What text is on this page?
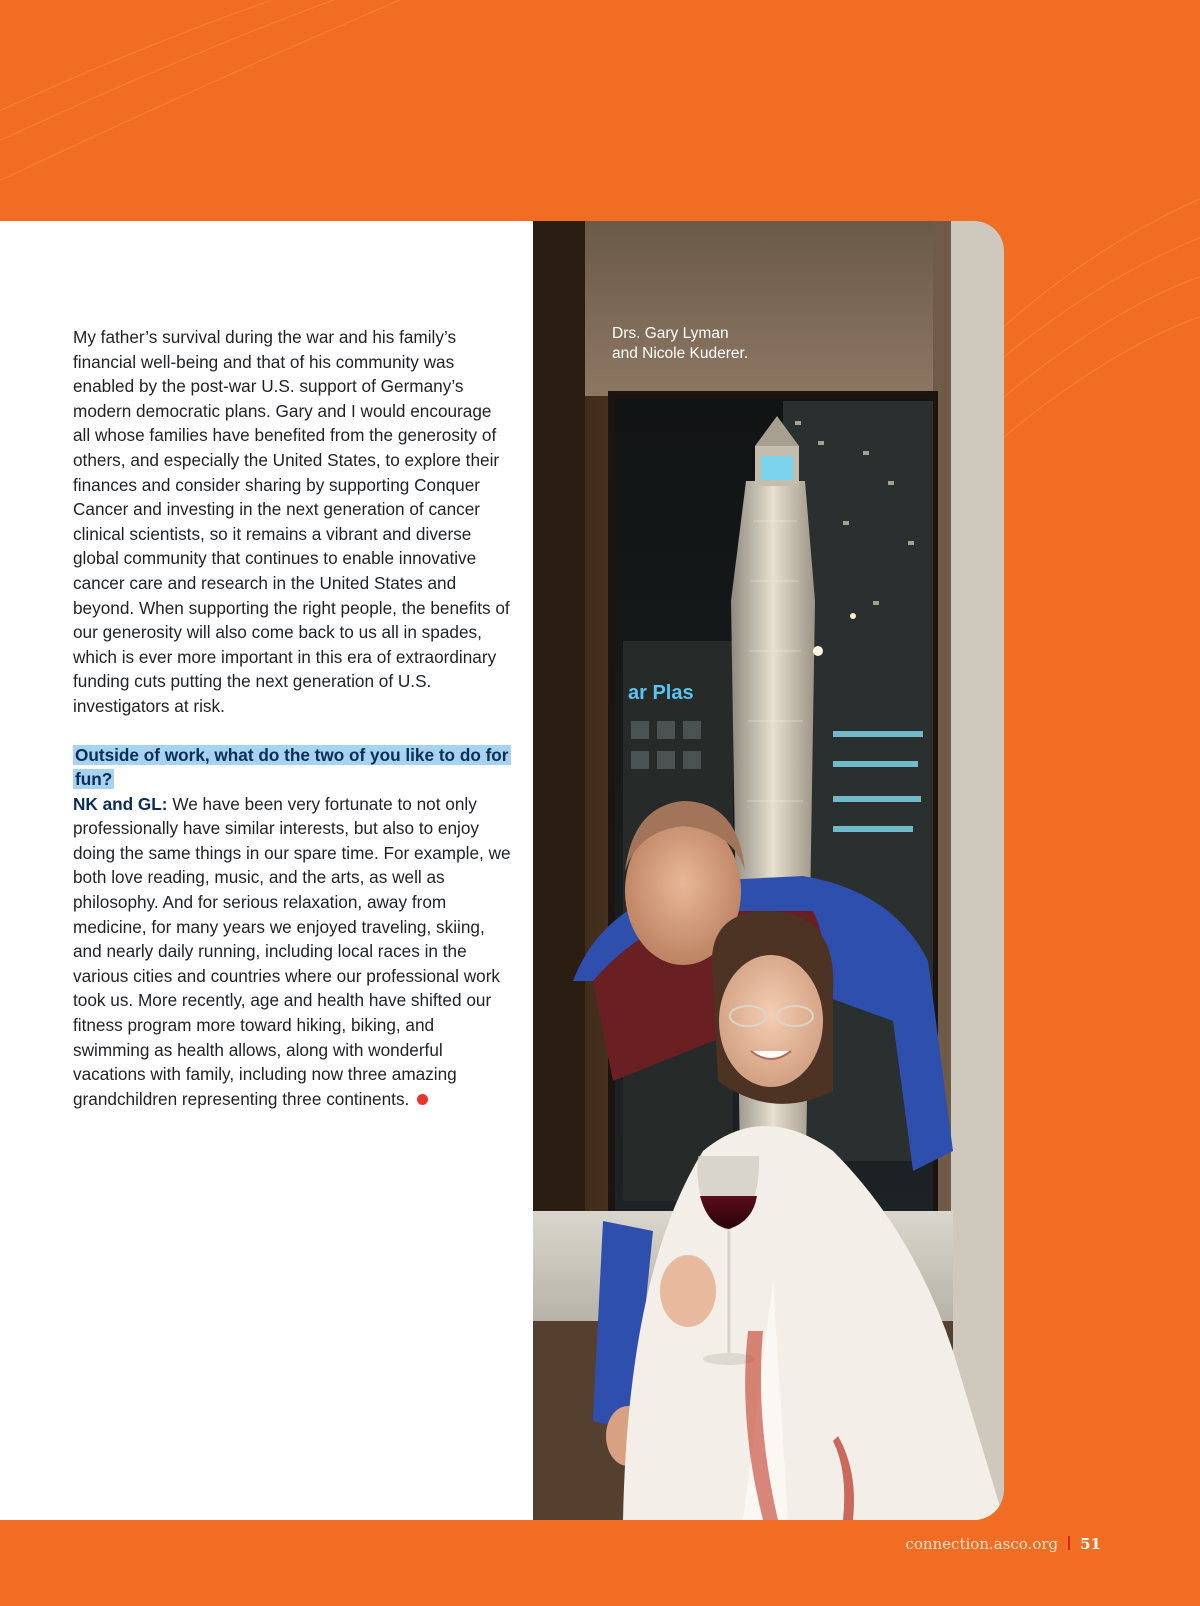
My father’s survival during the war and his family’s financial well-being and that of his community was enabled by the post-war U.S. support of Germany’s modern democratic plans. Gary and I would encourage all whose families have benefited from the generosity of others, and especially the United States, to explore their finances and consider sharing by supporting Conquer Cancer and investing in the next generation of cancer clinical scientists, so it remains a vibrant and diverse global community that continues to enable innovative cancer care and research in the United States and beyond. When supporting the right people, the benefits of our generosity will also come back to us all in spades, which is ever more important in this era of extraordinary funding cuts putting the next generation of U.S. investigators at risk.

Outside of work, what do the two of you like to do for fun?

NK and GL: We have been very fortunate to not only professionally have similar interests, but also to enjoy doing the same things in our spare time. For example, we both love reading, music, and the arts, as well as philosophy. And for serious relaxation, away from medicine, for many years we enjoyed traveling, skiing, and nearly daily running, including local races in the various cities and countries where our professional work took us. More recently, age and health have shifted our fitness program more toward hiking, biking, and swimming as health allows, along with wonderful vacations with family, including now three amazing grandchildren representing three continents.

ar Plas
Drs. Gary Lyman
and Nicole Kuderer.
connection.asco.org 51
